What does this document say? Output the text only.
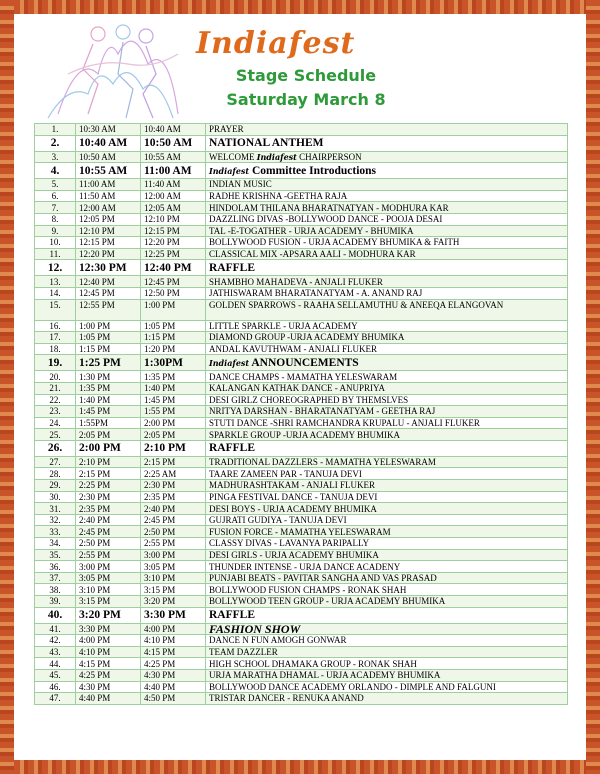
Indiafest
Stage Schedule
Saturday March 8
1.	10:30 AM	10:40 AM	PRAYER
2.	10:40 AM	10:50 AM	NATIONAL ANTHEM
3.	10:50 AM	10:55 AM	WELCOME Indiafest CHAIRPERSON
4.	10:55 AM	11:00 AM	Indiafest Committee Introductions
5.	11:00 AM	11:40 AM	INDIAN MUSIC
6.	11:50 AM	12:00 AM	RADHE KRISHNA -GEETHA RAJA
7.	12:00 AM	12:05 AM	HINDOLAM THILANA BHARATNATYAN - MODHURA KAR
8.	12:05 PM	12:10 PM	DAZZLING DIVAS -BOLLYWOOD DANCE - POOJA DESAI
9.	12:10 PM	12:15 PM	TAL -E-TOGATHER - URJA ACADEMY - BHUMIKA
10.	12:15 PM	12:20 PM	BOLLYWOOD FUSION - URJA ACADEMY BHUMIKA & FAITH
11.	12:20 PM	12:25 PM	CLASSICAL MIX -APSARA AALI - MODHURA KAR
12.	12:30 PM	12:40 PM	RAFFLE
13.	12:40 PM	12:45 PM	SHAMBHO MAHADEVA - ANJALI FLUKER
14.	12:45 PM	12:50 PM	JATHISWARAM BHARATANATYAM - A. ANAND RAJ
15.	12:55 PM	1:00 PM	GOLDEN SPARROWS - RAAHA SELLAMUTHU & ANEEQA ELANGOVAN
16.	1:00 PM	1:05 PM	LITTLE SPARKLE - URJA ACADEMY
17.	1:05 PM	1:15 PM	DIAMOND GROUP -URJA ACADEMY BHUMIKA
18.	1:15 PM	1:20 PM	ANDAL KAVUTHWAM - ANJALI FLUKER
19.	1:25 PM	1:30PM	Indiafest ANNOUNCEMENTS
20.	1:30 PM	1:35 PM	DANCE CHAMPS - MAMATHA YELESWARAM
21.	1:35 PM	1:40 PM	KALANGAN KATHAK DANCE - ANUPRIYA
22.	1:40 PM	1:45 PM	DESI GIRLZ CHOREOGRAPHED BY THEMSLVES
23.	1:45 PM	1:55 PM	NRITYA DARSHAN - BHARATANATYAM - GEETHA RAJ
24.	1:55PM	2:00 PM	STUTI DANCE -SHRI RAMCHANDRA KRUPALU - ANJALI FLUKER
25.	2:05 PM	2:05 PM	SPARKLE GROUP -URJA ACADEMY BHUMIKA
26.	2:00 PM	2:10 PM	RAFFLE
27.	2:10 PM	2:15 PM	TRADITIONAL DAZZLERS - MAMATHA YELESWARAM
28.	2:15 PM	2:25 AM	TAARE ZAMEEN PAR - TANUJA DEVI
29.	2:25 PM	2:30 PM	MADHURASHTAKAM - ANJALI FLUKER
30.	2:30 PM	2:35 PM	PINGA FESTIVAL DANCE - TANUJA DEVI
31.	2:35 PM	2:40 PM	DESI BOYS - URJA ACADEMY BHUMIKA
32.	2:40 PM	2:45 PM	GUJRATI GUDIYA - TANUJA DEVI
33.	2:45 PM	2:50 PM	FUSION FORCE - MAMATHA YELESWARAM
34.	2:50 PM	2:55 PM	CLASSY DIVAS - LAVANYA PARIPALLY
35.	2:55 PM	3:00 PM	DESI GIRLS - URJA ACADEMY BHUMIKA
36.	3:00 PM	3:05 PM	THUNDER INTENSE - URJA DANCE ACADENY
37.	3:05 PM	3:10 PM	PUNJABI BEATS - PAVITAR SANGHA AND VAS PRASAD
38.	3:10 PM	3:15 PM	BOLLYWOOD FUSION CHAMPS - RONAK SHAH
39.	3:15 PM	3:20 PM	BOLLYWOOD TEEN GROUP - URJA ACADEMY BHUMIKA
40.	3:20 PM	3:30 PM	RAFFLE
41.	3:30 PM	4:00 PM	FASHION SHOW
42.	4:00 PM	4:10 PM	DANCE N FUN AMOGH GONWAR
43.	4:10 PM	4:15 PM	TEAM DAZZLER
44.	4:15 PM	4:25 PM	HIGH SCHOOL DHAMAKA GROUP - RONAK SHAH
45.	4:25 PM	4:30 PM	URJA MARATHA DHAMAL - URJA ACADEMY BHUMIKA
46.	4:30 PM	4:40 PM	BOLLYWOOD DANCE ACADEMY ORLANDO - DIMPLE AND FALGUNI
47.	4:40 PM	4:50 PM	TRISTAR DANCER - RENUKA ANAND
